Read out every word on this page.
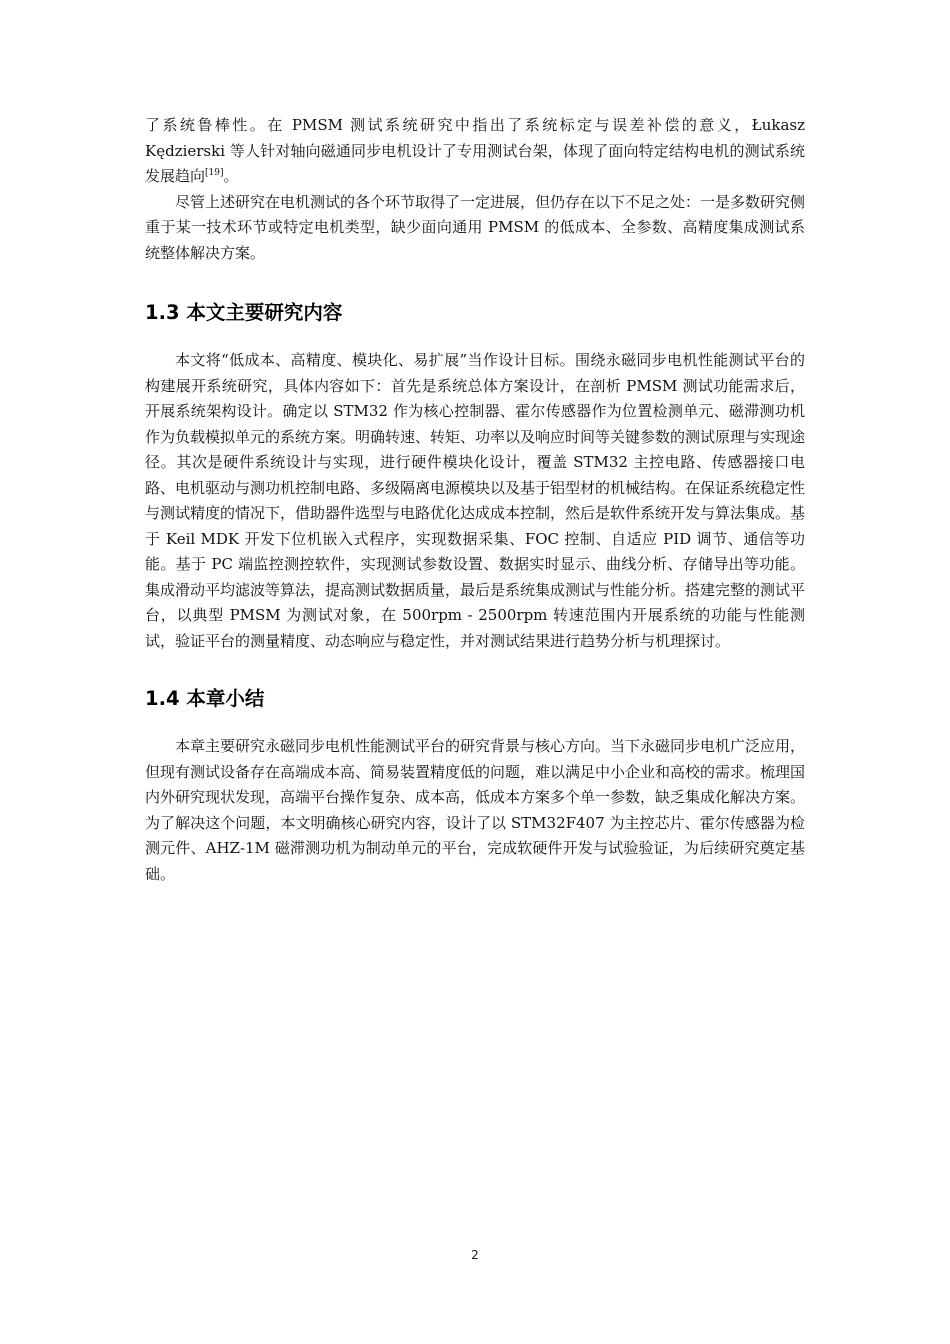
了系统鲁棒性。在 PMSM 测试系统研究中指出了系统标定与误差补偿的意义，Łukasz Kędzierski 等人针对轴向磁通同步电机设计了专用测试台架，体现了面向特定结构电机的测试系统发展趋向[19]。

尽管上述研究在电机测试的各个环节取得了一定进展，但仍存在以下不足之处：一是多数研究侧重于某一技术环节或特定电机类型，缺少面向通用 PMSM 的低成本、全参数、高精度集成测试系统整体解决方案。

1.3 本文主要研究内容

本文将“低成本、高精度、模块化、易扩展”当作设计目标。围绕永磁同步电机性能测试平台的构建展开系统研究，具体内容如下：首先是系统总体方案设计，在剖析 PMSM 测试功能需求后，开展系统架构设计。确定以 STM32 作为核心控制器、霍尔传感器作为位置检测单元、磁滞测功机作为负载模拟单元的系统方案。明确转速、转矩、功率以及响应时间等关键参数的测试原理与实现途径。其次是硬件系统设计与实现，进行硬件模块化设计，覆盖 STM32 主控电路、传感器接口电路、电机驱动与测功机控制电路、多级隔离电源模块以及基于铝型材的机械结构。在保证系统稳定性与测试精度的情况下，借助器件选型与电路优化达成成本控制，然后是软件系统开发与算法集成。基于 Keil MDK 开发下位机嵌入式程序，实现数据采集、FOC 控制、自适应 PID 调节、通信等功能。基于 PC 端监控测控软件，实现测试参数设置、数据实时显示、曲线分析、存储导出等功能。集成滑动平均滤波等算法，提高测试数据质量，最后是系统集成测试与性能分析。搭建完整的测试平台，以典型 PMSM 为测试对象，在 500rpm - 2500rpm 转速范围内开展系统的功能与性能测试，验证平台的测量精度、动态响应与稳定性，并对测试结果进行趋势分析与机理探讨。

1.4 本章小结

本章主要研究永磁同步电机性能测试平台的研究背景与核心方向。当下永磁同步电机广泛应用，但现有测试设备存在高端成本高、简易装置精度低的问题，难以满足中小企业和高校的需求。梳理国内外研究现状发现，高端平台操作复杂、成本高，低成本方案多个单一参数，缺乏集成化解决方案。为了解决这个问题，本文明确核心研究内容，设计了以 STM32F407 为主控芯片、霍尔传感器为检测元件、AHZ-1M 磁滞测功机为制动单元的平台，完成软硬件开发与试验验证，为后续研究奠定基础。

2
